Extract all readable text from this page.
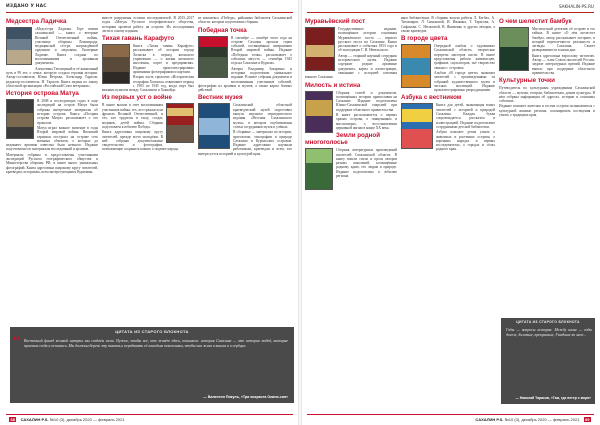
ИЗДАНО У НАС
Медсестра Ладичка
«Медсестра Ладичка. Горе имени сахалинской — книга о ветеране Великой Отечественной войны, участнице обороны Ленинграда, медицинской сестре, награждённой орденами и медалями, Екатерине Ладичке. Книга создана по воспоминаниям и архивным документам.
Алексеевна Теплициной и её жизненный путь в 99 лет, о семье, которую создала героиня истории. Автор-составитель Юлия Ветрова, Александр Тарасов, редактор-составитель. Н. Тарасов. Книга издана по заказу областной организации «Российский Союз ветеранов».
История острова Матуа
В 2008 и последующих годах в ходе экспедиций на остров Матуа были собраны интересные материалы об истории острова. Книга «История острова Матуа» рассказывает о его прошлом.
Матуа играл важное значение в годы Второй мировой войны. Японский гарнизон построил на острове сеть военных объектов, о которых до недавнего времени известно было немного. Издание подготовлено по материалам исследований и архивов.
Материалы собраны и предоставлены участниками экспедиций Русского географического общества и Министерства обороны РФ, в книге много уникальных фотографий. Книга адресована широкому кругу читателей, краеведам, историкам, всем интересующимся Курилами.
вместе разрушены остатки исследователей. В 2015–2017 годах «Матуа» Русского географического общества, историки провели работу на острове. Их исследования легли в основу издания.
Тихая гавань Карафуто
Книга «Тихая гавань Карафуто» рассказывает об истории города Холмска в период японского управления — о жизни японского населения, порте и предприятиях. Издание проиллюстрировано архивными фотографиями и картами.
Вторая часть трилогии «Историческая география Холмска» охватывает период с 1905 по 1945 год, когда порт был важным пунктом между Сахалином и Хоккайдо.
Из первых уст о войне
В книге вышли в свет воспоминания участников войны, тех, кто сражался на фронтах Великой Отечественной, и тех, кто трудился в тылу, солдат, медиков, детей войны. Сборник подготовлен к юбилею Победы.
Книга адресована широкому кругу читателей, прежде всего молодёжи. В ней собраны документальные свидетельства и фотографии, позволяющие сохранить память о подвиге народа.
из комплекса «Победа», районных библиотек Сахалинской области, которые подготовили сборник.
Победная точка
В сентябре — октябре этого года на острове Сахалин прошла серия событий, посвящённых завершению Второй мировой войны. Издание «Победная точка» рассказывает о событиях августа — сентября 1945 года на Сахалине и Курилах.
Авторы Владимир Захаренко и историки подготовили уникальное издание. В книге собраны документы и воспоминания участников событий, фотографии из архивов и музеев, а также карты боевых действий.
Вестник музея
Сахалинский областной краеведческий музей подготовил выпуск научного периодического издания «Вестник Сахалинского музея», в котором опубликованы статьи сотрудников музея и учёных.
В сборнике — материалы по истории, археологии, этнографии и природе Сахалина и Курильских островов. Издание адресовано научным работникам, краеведам и всем, кто интересуется историей и культурой края.
ЦИТАТА ИЗ СТАРОГО БЛОКНОТА
“ Восточный фасад великой империи мы создаём сами. Нужно, чтобы все, кто живёт здесь, понимали: история Сахалина — это история людей, которые приехали сюда и остались. Мы должны беречь эту память и передавать её молодым поколениям, чтобы она жила в книгах и в сердцах.
— Валентин Пикуль, «Три возраста Окини-сан»
68 САХАЛИН Р.S. №10 (3), декабрь 2020 — февраль 2021
SAKHALIN-PS.RU
Муравьёвский пост
Государственное издание, посвящённое истории основания Муравьёвского поста — первого русского поста на Сахалине. Книга рассказывает о событиях 1853 года и об экспедиции Г. И. Невельского.
Автор — старший научный сотрудник исторического музея. Издание содержит редкие архивные документы, карты и иллюстрации, связанные с историей освоения южного Сахалина.
Милость и истина
Сборник статей и документов, посвящённых истории православия на Сахалине. Издание подготовлено Южно-Сахалинской епархией при поддержке областного правительства.
В книге рассказывается о первых храмах острова, о священниках и миссионерах, о восстановлении церковной жизни в конце XX века.
Земли родной многоголосье
Сборник литературных произведений писателей Сахалинской области. В книгу вошли стихи и проза авторов разных поколений, посвящённые родному краю, его людям и природе. Издание подготовлено к юбилею региона.
ным библиотекам. В сборник вошли работы Л. Бегбах, А. Тихомиров, Л. Синьковой, И. Ивакина, Т. Тарасова, А. Сафонова, С. Негаповой, В. Якименко и других авторов, а также краеведов.
В городе цвета
Очередной альбом о художниках Сахалинской области, творческие портреты мастеров кисти. В книге представлены работы живописцев, графиков, скульпторов, чьё творчество связано с островом.
Альбом «В городе цвета» знакомит читателей с произведениями из собраний художественного музея и частных коллекций. Издание проиллюстрировано репродукциями.
Азбука с вестником
Книга для детей, знакомящая юных читателей с историей и природой Сахалина. Каждая буква сопровождается рассказом и иллюстрацией. Издание подготовлено сотрудниками детской библиотеки.
Азбука поможет детям узнать о животных и растениях острова, о коренных народах и первых исследователях, о городах и сёлах родного края.
О чем шелестит бамбук
Мистический детектив об острове и его тайнах. В книге «О чём шелестит бамбук» автор рассказывает историю, в которой переплетаются реальность и легенды Сахалина. Сюжет разворачивается в наши дни.
Книга адресована взрослому читателю. Автор — член Союза писателей России, лауреат литературных премий. Издание вышло при поддержке областного правительства.
Культурные точки
Путеводитель по культурным учреждениям Сахалинской области — музеям, театрам, библиотекам, домам культуры. В нём собрана информация об адресах, истории и основных событиях.
Издание поможет жителям и гостям острова познакомиться с культурной жизнью региона, спланировать посещения и узнать о традициях края.
ЦИТАТА ИЗ СТАРОГО БЛОКНОТА
Годы — вопросы истории. Между нами — годы доселе, Золотые, прекрасные, Ушедшие во мгле...
— Николай Тарасов, «Там, где ветер с моря»
САХАЛИН Р.S. №10 (3), декабрь 2020 — февраль 2021 69
